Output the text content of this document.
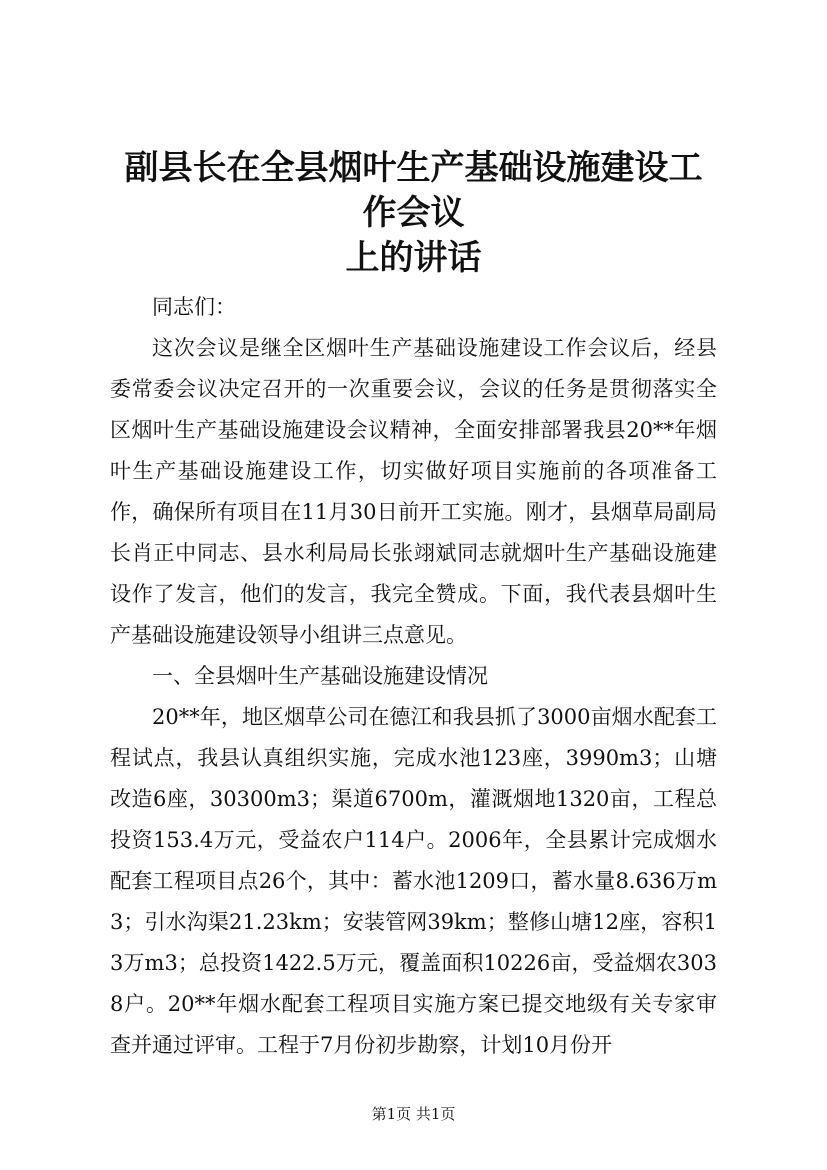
副县长在全县烟叶生产基础设施建设工作会议
上的讲话

同志们：

这次会议是继全区烟叶生产基础设施建设工作会议后，经县委常委会议决定召开的一次重要会议，会议的任务是贯彻落实全区烟叶生产基础设施建设会议精神，全面安排部署我县20**年烟叶生产基础设施建设工作，切实做好项目实施前的各项准备工作，确保所有项目在11月30日前开工实施。刚才，县烟草局副局长肖正中同志、县水利局局长张翊斌同志就烟叶生产基础设施建设作了发言，他们的发言，我完全赞成。下面，我代表县烟叶生产基础设施建设领导小组讲三点意见。

一、全县烟叶生产基础设施建设情况

20**年，地区烟草公司在德江和我县抓了3000亩烟水配套工程试点，我县认真组织实施，完成水池123座，3990m3；山塘改造6座，30300m3；渠道6700m，灌溉烟地1320亩，工程总投资153.4万元，受益农户114户。2006年，全县累计完成烟水配套工程项目点26个，其中：蓄水池1209口，蓄水量8.636万m3；引水沟渠21.23km；安装管网39km；整修山塘12座，容积13万m3；总投资1422.5万元，覆盖面积10226亩，受益烟农3038户。20**年烟水配套工程项目实施方案已提交地级有关专家审查并通过评审。工程于7月份初步勘察，计划10月份开

第1页 共1页
